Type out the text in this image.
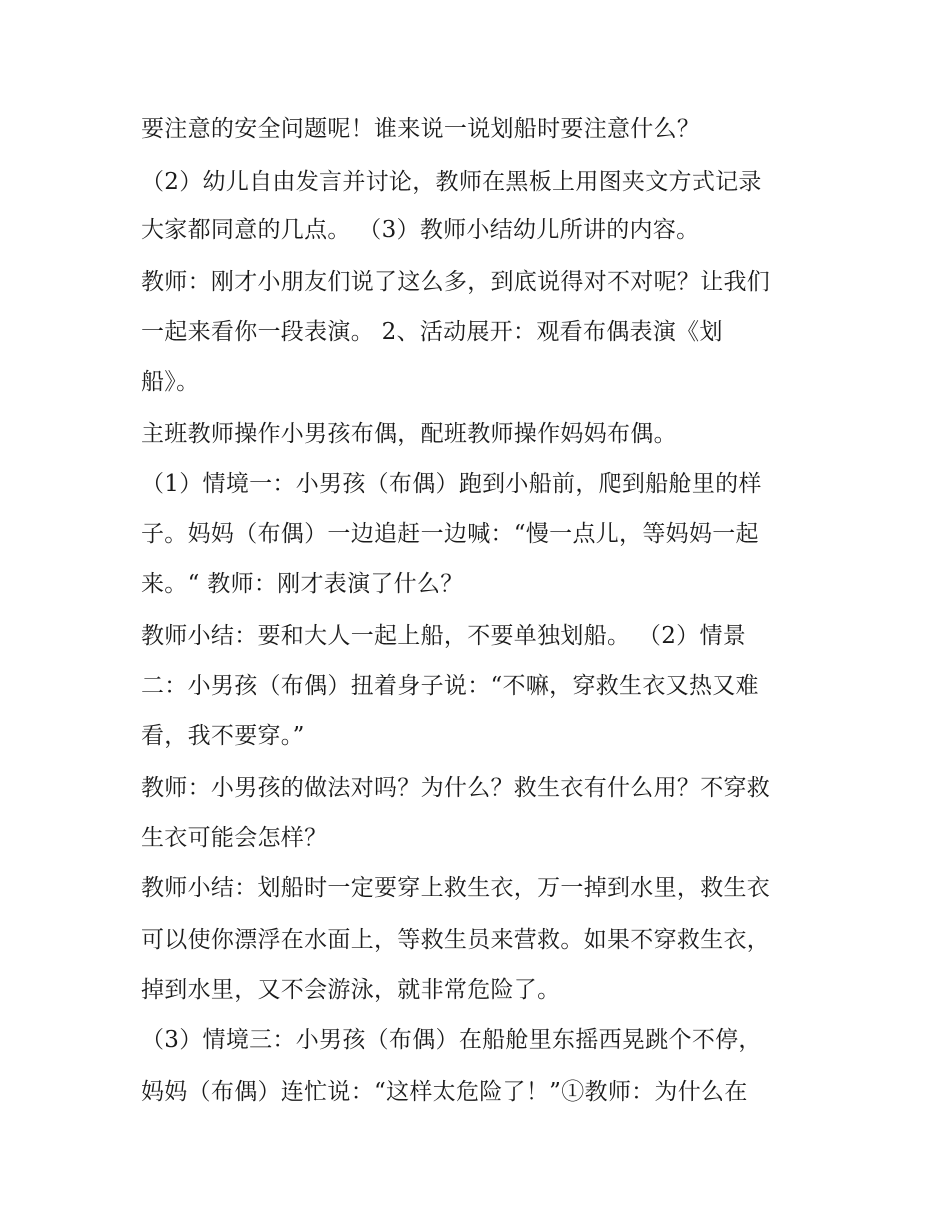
要注意的安全问题呢！谁来说一说划船时要注意什么？
（2）幼儿自由发言并讨论，教师在黑板上用图夹文方式记录
大家都同意的几点。 （3）教师小结幼儿所讲的内容。
教师：刚才小朋友们说了这么多，到底说得对不对呢？让我们
一起来看你一段表演。 2、活动展开：观看布偶表演《划
船》。
主班教师操作小男孩布偶，配班教师操作妈妈布偶。
（1）情境一：小男孩（布偶）跑到小船前，爬到船舱里的样
子。妈妈（布偶）一边追赶一边喊：“慢一点儿，等妈妈一起
来。“ 教师：刚才表演了什么？
教师小结：要和大人一起上船，不要单独划船。 （2）情景
二：小男孩（布偶）扭着身子说：“不嘛，穿救生衣又热又难
看，我不要穿。”
教师：小男孩的做法对吗？为什么？救生衣有什么用？不穿救
生衣可能会怎样？
教师小结：划船时一定要穿上救生衣，万一掉到水里，救生衣
可以使你漂浮在水面上，等救生员来营救。如果不穿救生衣，
掉到水里，又不会游泳，就非常危险了。
（3）情境三：小男孩（布偶）在船舱里东摇西晃跳个不停，
妈妈（布偶）连忙说：“这样太危险了！”①教师：为什么在
